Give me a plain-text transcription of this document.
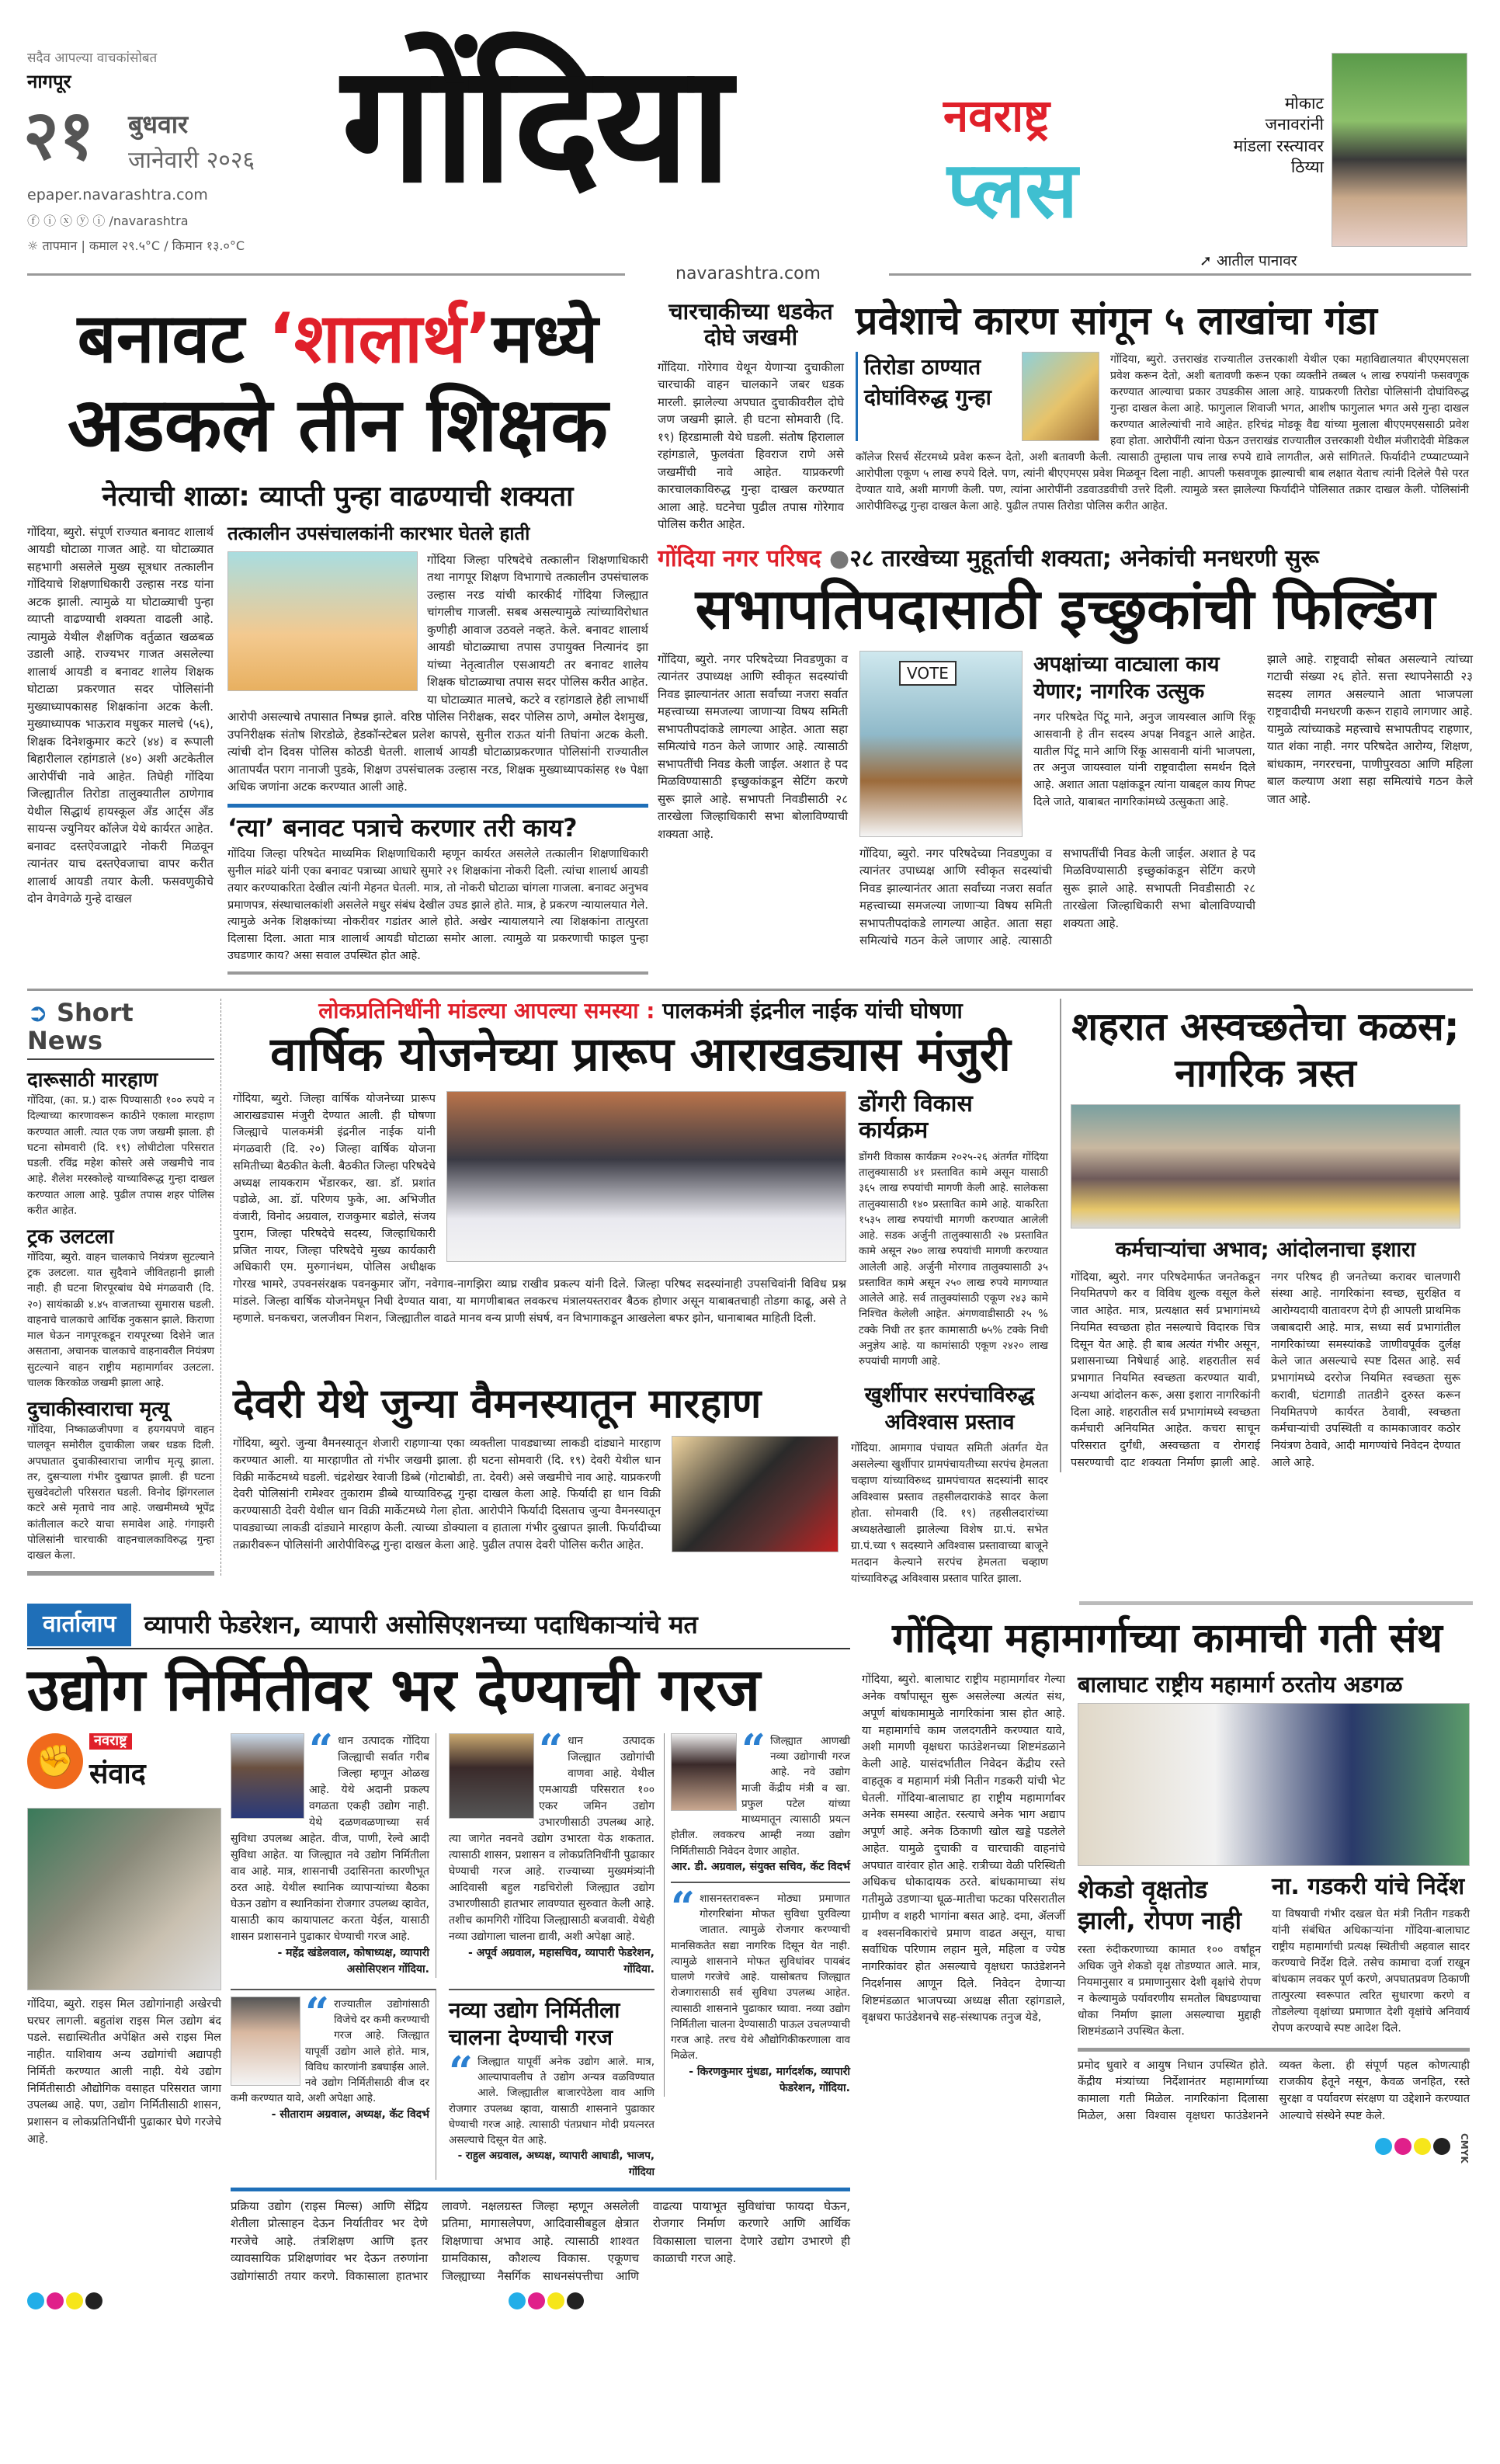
सदैव आपल्या वाचकांसोबत
नागपूर
२१ बुधवार
जानेवारी २०२६
epaper.navarashtra.com
ⓕ ⓘ ⓧ ⓨ ⓘ /navarashtra
☼ तापमान | कमाल २९.५°C / किमान १३.०°C
गोंदिया	नवराष्ट्र
प्लस
मोकाट जनावरांनी मांडला रस्त्यावर ठिय्या
➚ आतील पानावर
navarashtra.com
बनावट ‘शालार्थ’मध्ये
अडकले तीन शिक्षक
नेत्याची शाळा: व्याप्ती पुन्हा वाढण्याची शक्यता
गोंदिया, ब्युरो. संपूर्ण राज्यात बनावट शालार्थ आयडी घोटाळा गाजत आहे. या घोटाळ्यात सहभागी असलेले मुख्य सूत्रधार तत्कालीन गोंदियाचे शिक्षणाधिकारी उल्हास नरड यांना अटक झाली. त्यामुळे या घोटाळ्याची पुन्हा व्याप्ती वाढण्याची शक्यता वाढली आहे. त्यामुळे येथील शैक्षणिक वर्तुळात खळबळ उडाली आहे. राज्यभर गाजत असलेल्या शालार्थ आयडी व बनावट शालेय शिक्षक घोटाळा प्रकरणात सदर पोलिसांनी मुख्याध्यापकासह शिक्षकांना अटक केली. मुख्याध्यापक भाऊराव मधुकर मालचे (५६), शिक्षक दिनेशकुमार कटरे (४४) व रूपाली बिहारीलाल रहांगडाले (४०) अशी अटकेतील आरोपींची नावे आहेत. तिघेही गोंदिया जिल्ह्यातील तिरोडा तालुक्यातील ठाणेगाव येथील सिद्धार्थ हायस्कूल अँड आर्ट्स अँड सायन्स ज्युनियर कॉलेज येथे कार्यरत आहेत. बनावट दस्तऐवजाद्वारे नोकरी मिळवून त्यानंतर याच दस्तऐवजाचा वापर करीत शालार्थ आयडी तयार केली. फसवणुकीचे दोन वेगवेगळे गुन्हे दाखल
तत्कालीन उपसंचालकांनी कारभार घेतले हाती
गोंदिया जिल्हा परिषदेचे तत्कालीन शिक्षणाधिकारी तथा नागपूर शिक्षण विभागाचे तत्कालीन उपसंचालक उल्हास नरड यांची कारकीर्द गोंदिया जिल्ह्यात चांगलीच गाजली. सबब असल्यामुळे त्यांच्याविरोधात कुणीही आवाज उठवले नव्हते. केले. बनावट शालार्थ आयडी घोटाळ्याचा तपास उपायुक्त नित्यानंद झा यांच्या नेतृत्वातील एसआयटी तर बनावट शालेय शिक्षक घोटाळ्याचा तपास सदर पोलिस करीत आहेत. या घोटाळ्यात मालचे, कटरे व रहांगडाले हेही लाभार्थी आरोपी असल्याचे तपासात निष्पन्न झाले. वरिष्ठ पोलिस निरीक्षक, सदर पोलिस ठाणे, अमोल देशमुख, उपनिरीक्षक संतोष शिरडोळे, हेडकॉन्स्टेबल प्रलेश कापसे, सुनील राऊत यांनी तिघांना अटक केली. त्यांची दोन दिवस पोलिस कोठडी घेतली. शालार्थ आयडी घोटाळाप्रकरणात पोलिसांनी राज्यातील आतापर्यंत पराग नानाजी पुडके, शिक्षण उपसंचालक उल्हास नरड, शिक्षक मुख्याध्यापकांसह १७ पेक्षा अधिक जणांना अटक करण्यात आली आहे.
‘त्या’ बनावट पत्राचे करणार तरी काय?
गोंदिया जिल्हा परिषदेत माध्यमिक शिक्षणाधिकारी म्हणून कार्यरत असलेले तत्कालीन शिक्षणाधिकारी सुनील मांढरे यांनी एका बनावट पत्राच्या आधारे सुमारे २१ शिक्षकांना नोकरी दिली. त्यांचा शालार्थ आयडी तयार करण्याकरिता देखील त्यांनी मेहनत घेतली. मात्र, तो नोकरी घोटाळा चांगला गाजला. बनावट अनुभव प्रमाणपत्र, संस्थाचालकांशी असलेले मधुर संबंध देखील उघड झाले होते. मात्र, हे प्रकरण न्यायालयात गेले. त्यामुळे अनेक शिक्षकांच्या नोकरीवर गडांतर आले होते. अखेर न्यायालयाने त्या शिक्षकांना तात्पुरता दिलासा दिला. आता मात्र शालार्थ आयडी घोटाळा समोर आला. त्यामुळे या प्रकरणाची फाइल पुन्हा उघडणार काय? असा सवाल उपस्थित होत आहे.
चारचाकीच्या धडकेत दोघे जखमी
गोंदिया. गोरेगाव येथून येणाऱ्या दुचाकीला चारचाकी वाहन चालकाने जबर धडक मारली. झालेल्या अपघात दुचाकीवरील दोघे जण जखमी झाले. ही घटना सोमवारी (दि. १९) हिरडामाली येथे घडली. संतोष हिरालाल रहांगडाले, फुलवंता हिवराज राणे असे जखमींची नावे आहेत. याप्रकरणी कारचालकाविरुद्ध गुन्हा दाखल करण्यात आला आहे. घटनेचा पुढील तपास गोरेगाव पोलिस करीत आहेत.
प्रवेशाचे कारण सांगून ५ लाखांचा गंडा
तिरोडा ठाण्यात दोघांविरुद्ध गुन्हा
गोंदिया, ब्युरो. उत्तराखंड राज्यातील उत्तरकाशी येथील एका महाविद्यालयात बीएएमएसला प्रवेश करून देतो, अशी बतावणी करून एका व्यक्तीने तब्बल ५ लाख रुपयांनी फसवणूक करण्यात आल्याचा प्रकार उघडकीस आला आहे. याप्रकरणी तिरोडा पोलिसांनी दोघांविरुद्ध गुन्हा दाखल केला आहे. फागुलाल शिवाजी भगत, आशीष फागुलाल भगत असे गुन्हा दाखल करण्यात आलेल्यांची नावे आहेत. हरिचंद्र मोडकू वैद्य यांच्या मुलाला बीएएमएससाठी प्रवेश हवा होता. आरोपींनी त्यांना घेऊन उत्तराखंड राज्यातील उत्तरकाशी येथील मंजीरादेवी मेडिकल कॉलेज रिसर्च सेंटरमध्ये प्रवेश करून देतो, अशी बतावणी केली. त्यासाठी तुम्हाला पाच लाख रुपये द्यावे लागतील, असे सांगितले. फिर्यादीने टप्प्याटप्प्याने आरोपीला एकूण ५ लाख रुपये दिले. पण, त्यांनी बीएएमएस प्रवेश मिळवून दिला नाही. आपली फसवणूक झाल्याची बाब लक्षात येताच त्यांनी दिलेले पैसे परत देण्यात यावे, अशी मागणी केली. पण, त्यांना आरोपींनी उडवाउडवीची उत्तरे दिली. त्यामुळे त्रस्त झालेल्या फिर्यादीने पोलिसात तक्रार दाखल केली. पोलिसांनी आरोपीविरुद्ध गुन्हा दाखल केला आहे. पुढील तपास तिरोडा पोलिस करीत आहेत.
गोंदिया नगर परिषद ●२८ तारखेच्या मुहूर्ताची शक्यता; अनेकांची मनधरणी सुरू
सभापतिपदासाठी इच्छुकांची फिल्डिंग
गोंदिया, ब्युरो. नगर परिषदेच्या निवडणुका व त्यानंतर उपाध्यक्ष आणि स्वीकृत सदस्यांची निवड झाल्यानंतर आता सर्वांच्या नजरा सर्वात महत्त्वाच्या समजल्या जाणाऱ्या विषय समिती सभापतीपदांकडे लागल्या आहेत. आता सहा समित्यांचे गठन केले जाणार आहे. त्यासाठी सभापतींची निवड केली जाईल. अशात हे पद मिळविण्यासाठी इच्छुकांकडून सेटिंग करणे सुरू झाले आहे. सभापती निवडीसाठी २८ तारखेला जिल्हाधिकारी सभा बोलाविण्याची शक्यता आहे.
VOTE	अपक्षांच्या वाट्याला काय येणार; नागरिक उत्सुक
नगर परिषदेत पिंटू माने, अनुज जायस्वाल आणि रिंकू आसवानी हे तीन सदस्य अपक्ष निवडून आले आहेत. यातील पिंटू माने आणि रिंकू आसवानी यांनी भाजपला, तर अनुज जायस्वाल यांनी राष्ट्रवादीला समर्थन दिले आहे. अशात आता पक्षांकडून त्यांना याबद्दल काय गिफ्ट दिले जाते, याबाबत नागरिकांमध्ये उत्सुकता आहे.
गोंदिया, ब्युरो. नगर परिषदेच्या निवडणुका व त्यानंतर उपाध्यक्ष आणि स्वीकृत सदस्यांची निवड झाल्यानंतर आता सर्वांच्या नजरा सर्वात महत्त्वाच्या समजल्या जाणाऱ्या विषय समिती सभापतीपदांकडे लागल्या आहेत. आता सहा समित्यांचे गठन केले जाणार आहे. त्यासाठी सभापतींची निवड केली जाईल. अशात हे पद मिळविण्यासाठी इच्छुकांकडून सेटिंग करणे सुरू झाले आहे. सभापती निवडीसाठी २८ तारखेला जिल्हाधिकारी सभा बोलाविण्याची शक्यता आहे.
झाले आहे. राष्ट्रवादी सोबत असल्याने त्यांच्या गटाची संख्या २६ होते. सत्ता स्थापनेसाठी २३ सदस्य लागत असल्याने आता भाजपला राष्ट्रवादीची मनधरणी करून राहावे लागणार आहे. यामुळे त्यांच्याकडे महत्त्वाचे सभापतीपद राहणार, यात शंका नाही. नगर परिषदेत आरोग्य, शिक्षण, बांधकाम, नगररचना, पाणीपुरवठा आणि महिला बाल कल्याण अशा सहा समित्यांचे गठन केले जात आहे.
➲ Short News
दारूसाठी मारहाण
गोंदिया, (का. प्र.) दारू पिण्यासाठी १०० रुपये न दिल्याच्या कारणावरून काठीने एकाला मारहाण करण्यात आली. त्यात एक जण जखमी झाला. ही घटना सोमवारी (दि. १९) लोधीटोला परिसरात घडली. रविंद्र महेश कोसरे असे जखमीचे नाव आहे. शैलेश मरस्कोल्हे याच्याविरूद्ध गुन्हा दाखल करण्यात आला आहे. पुढील तपास शहर पोलिस करीत आहेत.
ट्रक उलटला
गोंदिया, ब्युरो. वाहन चालकाचे नियंत्रण सुटल्याने ट्रक उलटला. यात सुदैवाने जीवितहानी झाली नाही. ही घटना शिरपूरबांध येथे मंगळवारी (दि. २०) सायंकाळी ४.४५ वाजताच्या सुमारास घडली. वाहनाचे चालकाचे आर्थिक नुकसान झाले. किराणा माल घेऊन नागपूरकडून रायपूरच्या दिशेने जात असताना, अचानक चालकाचे वाहनावरील नियंत्रण सुटल्याने वाहन राष्ट्रीय महामार्गावर उलटला. चालक किरकोळ जखमी झाला आहे.
दुचाकीस्वाराचा मृत्यू
गोंदिया, निष्काळजीपणा व हयगयपणे वाहन चालवून समोरील दुचाकीला जबर धडक दिली. अपघातात दुचाकीस्वाराचा जागीच मृत्यू झाला. तर, दुसऱ्याला गंभीर दुखापत झाली. ही घटना सुखदेवटोली परिसरात घडली. विनोद झिंगरलाल कटरे असे मृताचे नाव आहे. जखमीमध्ये भूपेंद्र कांतीलाल कटरे याचा समावेश आहे. गंगाझरी पोलिसांनी चारचाकी वाहनचालकाविरुद्ध गुन्हा दाखल केला.
लोकप्रतिनिधींनी मांडल्या आपल्या समस्या : पालकमंत्री इंद्रनील नाईक यांची घोषणा
वार्षिक योजनेच्या प्रारूप आराखड्यास मंजुरी
गोंदिया, ब्युरो. जिल्हा वार्षिक योजनेच्या प्रारूप आराखड्यास मंजुरी देण्यात आली. ही घोषणा जिल्ह्याचे पालकमंत्री इंद्रनील नाईक यांनी मंगळवारी (दि. २०) जिल्हा वार्षिक योजना समितीच्या बैठकीत केली. बैठकीत जिल्हा परिषदेचे अध्यक्ष लायकराम भेंडारकर, खा. डॉ. प्रशांत पडोळे, आ. डॉ. परिणय फुके, आ. अभिजीत वंजारी, विनोद अग्रवाल, राजकुमार बडोले, संजय पुराम, जिल्हा परिषदेचे सदस्य, जिल्हाधिकारी प्रजित नायर, जिल्हा परिषदेचे मुख्य कार्यकारी अधिकारी एम. मुरुगानंथम, पोलिस अधीक्षक गोरख भामरे, उपवनसंरक्षक पवनकुमार जोंग, नवेगाव-नागझिरा व्याघ्र राखीव प्रकल्प यांनी दिले. जिल्हा परिषद सदस्यांनाही उपसचिवांनी विविध प्रश्न मांडले. जिल्हा वार्षिक योजनेमधून निधी देण्यात यावा, या मागणीबाबत लवकरच मंत्रालयस्तरावर बैठक होणार असून याबाबतचाही तोडगा काढू, असे ते म्हणाले. घनकचरा, जलजीवन मिशन, जिल्ह्यातील वाढते मानव वन्य प्राणी संघर्ष, वन विभागाकडून आखलेला बफर झोन, धानाबाबत माहिती दिली.
डोंगरी विकास कार्यक्रम
डोंगरी विकास कार्यक्रम २०२५-२६ अंतर्गत गोंदिया तालुक्यासाठी ४१ प्रस्तावित कामे असून यासाठी ३६५ लाख रुपयांची मागणी केली आहे. सालेकसा तालुक्यासाठी १४० प्रस्तावित कामे आहे. याकरिता १५३५ लाख रुपयांची मागणी करण्यात आलेली आहे. सडक अर्जुनी तालुक्यासाठी २७ प्रस्तावित कामे असून २७० लाख रुपयांची मागणी करण्यात आलेली आहे. अर्जुनी मोरगाव तालुक्यासाठी ३५ प्रस्तावित कामे असून २५० लाख रुपये मागण्यात आलेले आहे. सर्व तालुक्यांसाठी एकूण २४३ कामे निश्चित केलेली आहेत. अंगणवाडीसाठी २५ % टक्के निधी तर इतर कामासाठी ७५% टक्के निधी अनुज्ञेय आहे. या कामांसाठी एकूण २४२० लाख रुपयांची मागणी आहे.
देवरी येथे जुन्या वैमनस्यातून मारहाण
गोंदिया, ब्युरो. जुन्या वैमनस्यातून शेजारी राहणाऱ्या एका व्यक्तीला पावड्याच्या लाकडी दांड्याने मारहाण करण्यात आली. या मारहाणीत तो गंभीर जखमी झाला. ही घटना सोमवारी (दि. १९) देवरी येथील धान विक्री मार्केटमध्ये घडली. चंद्रशेखर रेवाजी डिब्बे (गोटाबोडी, ता. देवरी) असे जखमीचे नाव आहे. याप्रकरणी देवरी पोलिसांनी रामेश्वर तुकाराम डीब्बे याच्याविरुद्ध गुन्हा दाखल केला आहे. फिर्यादी हा धान विक्री करण्यासाठी देवरी येथील धान विक्री मार्केटमध्ये गेला होता. आरोपीने फिर्यादी दिसताच जुन्या वैमनस्यातून पावड्याच्या लाकडी दांड्याने मारहाण केली. त्याच्या डोक्याला व हाताला गंभीर दुखापत झाली. फिर्यादीच्या तक्रारीवरून पोलिसांनी आरोपीविरुद्ध गुन्हा दाखल केला आहे. पुढील तपास देवरी पोलिस करीत आहेत.
खुर्शीपार सरपंचाविरुद्ध अविश्वास प्रस्ताव
गोंदिया. आमगाव पंचायत समिती अंतर्गत येत असलेल्या खुर्शीपार ग्रामपंचायतीच्या सरपंच हेमलता चव्हाण यांच्याविरुध्द ग्रामपंचायत सदस्यांनी सादर अविश्वास प्रस्ताव तहसीलदाराकंडे सादर केला होता. सोमवारी (दि. १९) तहसीलदारांच्या अध्यक्षतेखाली झालेल्या विशेष ग्रा.पं. सभेत ग्रा.पं.च्या ९ सदस्याने अविश्वास प्रस्तावाच्या बाजूने मतदान केल्याने सरपंच हेमलता चव्हाण यांच्याविरुद्ध अविश्वास प्रस्ताव पारित झाला.
शहरात अस्वच्छतेचा कळस; नागरिक त्रस्त
कर्मचाऱ्यांचा अभाव; आंदोलनाचा इशारा
गोंदिया, ब्युरो. नगर परिषदेमार्फत जनतेकडून नियमितपणे कर व विविध शुल्क वसूल केले जात आहेत. मात्र, प्रत्यक्षात सर्व प्रभागांमध्ये नियमित स्वच्छता होत नसल्याचे विदारक चित्र दिसून येत आहे. ही बाब अत्यंत गंभीर असून, प्रशासनाच्या निषेधार्ह आहे. शहरातील सर्व प्रभागात नियमित स्वच्छता करण्यात यावी, अन्यथा आंदोलन करू, असा इशारा नागरिकांनी दिला आहे. शहरातील सर्व प्रभागांमध्ये स्वच्छता कर्मचारी अनियमित आहेत. कचरा साचून परिसरात दुर्गंधी, अस्वच्छता व रोगराई पसरण्याची दाट शक्यता निर्माण झाली आहे. नगर परिषद ही जनतेच्या करावर चालणारी संस्था आहे. नागरिकांना स्वच्छ, सुरक्षित व आरोग्यदायी वातावरण देणे ही आपली प्राथमिक जबाबदारी आहे. मात्र, सध्या सर्व प्रभागांतील नागरिकांच्या समस्यांकडे जाणीवपूर्वक दुर्लक्ष केले जात असल्याचे स्पष्ट दिसत आहे. सर्व प्रभागांमध्ये दररोज नियमित स्वच्छता सुरू करावी, घंटागाडी तातडीने दुरुस्त करून नियमितपणे कार्यरत ठेवावी, स्वच्छता कर्मचाऱ्यांची उपस्थिती व कामकाजावर कठोर नियंत्रण ठेवावे, आदी मागण्यांचे निवेदन देण्यात आले आहे.
वार्तालाप	व्यापारी फेडरेशन, व्यापारी असोसिएशनच्या पदाधिकाऱ्यांचे मत
उद्योग निर्मितीवर भर देण्याची गरज
✊
नवराष्ट्र
संवाद
गोंदिया, ब्युरो. राइस मिल उद्योगांनाही अखेरची घरघर लागली. बहुतांश राइस मिल उद्योग बंद पडले. सद्यास्थितीत अपेक्षित असे राइस मिल नाहीत. याशिवाय अन्य उद्योगांची अद्यापही निर्मिती करण्यात आली नाही. येथे उद्योग निर्मितीसाठी औद्योगिक वसाहत परिसरात जागा उपलब्ध आहे. पण, उद्योग निर्मितीसाठी शासन, प्रशासन व लोकप्रतिनिधींनी पुढाकार घेणे गरजेचे आहे.
“ धान उत्पादक गोंदिया जिल्ह्याची सर्वात गरीब जिल्हा म्हणून ओळख आहे. येथे अदानी प्रकल्प वगळता एकही उद्योग नाही. येथे दळणवळणाच्या सर्व सुविधा उपलब्ध आहेत. वीज, पाणी, रेल्वे आदी सुविधा आहेत. या जिल्ह्यात नवे उद्योग निर्मितीला वाव आहे. मात्र, शासनाची उदासिनता कारणीभूत ठरत आहे. येथील स्थानिक व्यापाऱ्यांच्या बैठका घेऊन उद्योग व स्थानिकांना रोजगार उपलब्ध व्हावेत, यासाठी काय कायापालट करता येईल, यासाठी शासन प्रशासनाने पुढाकार घेण्याची गरज आहे.
- महेंद्र खंडेलवाल, कोषाध्यक्ष, व्यापारी असोसिएशन गोंदिया.
“ धान उत्पादक जिल्ह्यात उद्योगांची वाणवा आहे. येथील एमआयडी परिसरात १०० एकर जमिन उद्योग उभारणीसाठी उपलब्ध आहे. त्या जागेत नवनवे उद्योग उभारता येऊ शकतात. त्यासाठी शासन, प्रशासन व लोकप्रतिनिधींनी पुढाकार घेण्याची गरज आहे. राज्याच्या मुख्यमंत्र्यांनी आदिवासी बहुल गडचिरोली जिल्ह्यात उद्योग उभारणीसाठी हातभार लावण्यात सुरुवात केली आहे. तशीच कामगिरी गोंदिया जिल्ह्यासाठी बजवावी. येथेही नव्या उद्योगाला चालना द्यावी, अशी अपेक्षा आहे.
- अपूर्व अग्रवाल, महासचिव, व्यापारी फेडरेशन, गोंदिया.
“ राज्यातील उद्योगांसाठी विजेचे दर कमी करण्याची गरज आहे. जिल्ह्यात यापूर्वी उद्योग आले होते. मात्र, विविध कारणांनी डबघाईस आले. नवे उद्योग निर्मितीसाठी वीज दर कमी करण्यात यावे, अशी अपेक्षा आहे.
- सीताराम अग्रवाल, अध्यक्ष, कॅट विदर्भ
नव्या उद्योग निर्मितीला चालना देण्याची गरज
“ जिल्ह्यात यापूर्वी अनेक उद्योग आले. मात्र, आल्यापावलीच ते उद्योग अन्यत्र वळविण्यात आले. जिल्ह्यातील बाजारपेठेला वाव आणि रोजगार उपलब्ध व्हावा, यासाठी शासनाने पुढाकार घेण्याची गरज आहे. त्यासाठी पंतप्रधान मोदी प्रयत्नरत असल्याचे दिसून येत आहे.
- राहुल अग्रवाल, अध्यक्ष, व्यापारी आघाडी, भाजप, गोंदिया
“ जिल्ह्यात आणखी नव्या उद्योगाची गरज आहे. नवे उद्योग माजी केंद्रीय मंत्री व खा. प्रफुल पटेल यांच्या माध्यमातून त्यासाठी प्रयत्न होतील. लवकरच आम्ही नव्या उद्योग निर्मितीसाठी निवेदन देणार आहोत.
आर. डी. अग्रवाल, संयुक्त सचिव, कॅट विदर्भ
“ शासनस्तरावरून मोठ्या प्रमाणात गोरगरिबांना मोफत सुविधा पुरविल्या जातात. त्यामुळे रोजगार करण्याची मानसिकतेत सद्या नागरिक दिसून येत नाही. त्यामुळे शासनाने मोफत सुविधांवर पायबंद घालणे गरजेचे आहे. यासोबतच जिल्ह्यात रोजगारासाठी सर्व सुविधा उपलब्ध आहेत. त्यासाठी शासनाने पुढाकार घ्यावा. नव्या उद्योग निर्मितीला चालना देण्यासाठी पाऊल उचलण्याची गरज आहे. तरच येथे औद्योगिकीकरणाला वाव मिळेल.
- किरणकुमार मुंधडा, मार्गदर्शक, व्यापारी फेडरेशन, गोंदिया.
प्रक्रिया उद्योग (राइस मिल्स) आणि सेंद्रिय शेतीला प्रोत्साहन देऊन निर्यातीवर भर देणे गरजेचे आहे. तंत्रशिक्षण आणि इतर व्यावसायिक प्रशिक्षणांवर भर देऊन तरुणांना उद्योगांसाठी तयार करणे. विकासाला हातभार लावणे. नक्षलग्रस्त जिल्हा म्हणून असलेली प्रतिमा, मागासलेपण, आदिवासीबहुल क्षेत्रात शिक्षणाचा अभाव आहे. त्यासाठी शाश्वत ग्रामविकास, कौशल्य विकास. एकूणच जिल्ह्याच्या नैसर्गिक साधनसंपत्तीचा आणि वाढत्या पायाभूत सुविधांचा फायदा घेऊन, रोजगार निर्माण करणारे आणि आर्थिक विकासाला चालना देणारे उद्योग उभारणे ही काळाची गरज आहे.
गोंदिया महामार्गाच्या कामाची गती संथ
गोंदिया, ब्युरो. बालाघाट राष्ट्रीय महामार्गावर गेल्या अनेक वर्षांपासून सुरू असलेल्या अत्यंत संथ, अपूर्ण बांधकामामुळे नागरिकांना त्रास होत आहे. या महामार्गाचे काम जलदगतीने करण्यात यावे, अशी मागणी वृक्षधरा फाउंडेशनच्या शिष्टमंडळाने केली आहे. यासंदर्भातील निवेदन केंद्रीय रस्ते वाहतूक व महामार्ग मंत्री नितीन गडकरी यांची भेट घेतली. गोंदिया-बालाघाट हा राष्ट्रीय महामार्गावर अनेक समस्या आहेत. रस्त्याचे अनेक भाग अद्याप अपूर्ण आहे. अनेक ठिकाणी खोल खड्डे पडलेले आहेत. यामुळे दुचाकी व चारचाकी वाहनांचे अपघात वारंवार होत आहे. रात्रीच्या वेळी परिस्थिती अधिकच धोकादायक ठरते. बांधकामाच्या संथ गतीमुळे उडणाऱ्या धूळ-मातीचा फटका परिसरातील ग्रामीण व शहरी भागांना बसत आहे. दमा, ॲलर्जी व श्वसनविकारांचे प्रमाण वाढत असून, याचा सर्वाधिक परिणाम लहान मुले, महिला व ज्येष्ठ नागरिकांवर होत असल्याचे वृक्षधरा फाउंडेशनने निदर्शनास आणून दिले. निवेदन देणाऱ्या शिष्टमंडळात भाजपच्या अध्यक्ष सीता रहांगडाले, वृक्षधरा फाउंडेशनचे सह-संस्थापक तनुज येडे,
बालाघाट राष्ट्रीय महामार्ग ठरतोय अडगळ
शेकडो वृक्षतोड झाली, रोपण नाही
रस्ता रुंदीकरणाच्या कामात १०० वर्षांहून अधिक जुने शेकडो वृक्ष तोडण्यात आले. मात्र, नियमानुसार व प्रमाणानुसार देशी वृक्षांचे रोपण न केल्यामुळे पर्यावरणीय समतोल बिघडण्याचा धोका निर्माण झाला असल्याचा मुद्दाही शिष्टमंडळाने उपस्थित केला.
ना. गडकरी यांचे निर्देश
या विषयाची गंभीर दखल घेत मंत्री नितीन गडकरी यांनी संबंधित अधिकाऱ्यांना गोंदिया-बालाघाट राष्ट्रीय महामार्गाची प्रत्यक्ष स्थितीची अहवाल सादर करण्याचे निर्देश दिले. तसेच कामाचा दर्जा राखून बांधकाम लवकर पूर्ण करणे, अपघातप्रवण ठिकाणी तात्पुरत्या स्वरूपात त्वरित सुधारणा करणे व तोडलेल्या वृक्षांच्या प्रमाणात देशी वृक्षांचे अनिवार्य रोपण करण्याचे स्पष्ट आदेश दिले.
प्रमोद धुवारे व आयुष निधान उपस्थित होते. केंद्रीय मंत्र्यांच्या निर्देशानंतर महामार्गाच्या कामाला गती मिळेल. नागरिकांना दिलासा मिळेल, असा विश्वास वृक्षधरा फाउंडेशनने व्यक्त केला. ही संपूर्ण पहल कोणत्याही राजकीय हेतूने नसून, केवळ जनहित, रस्ते सुरक्षा व पर्यावरण संरक्षण या उद्देशाने करण्यात आल्याचे संस्थेने स्पष्ट केले.
CMYK
